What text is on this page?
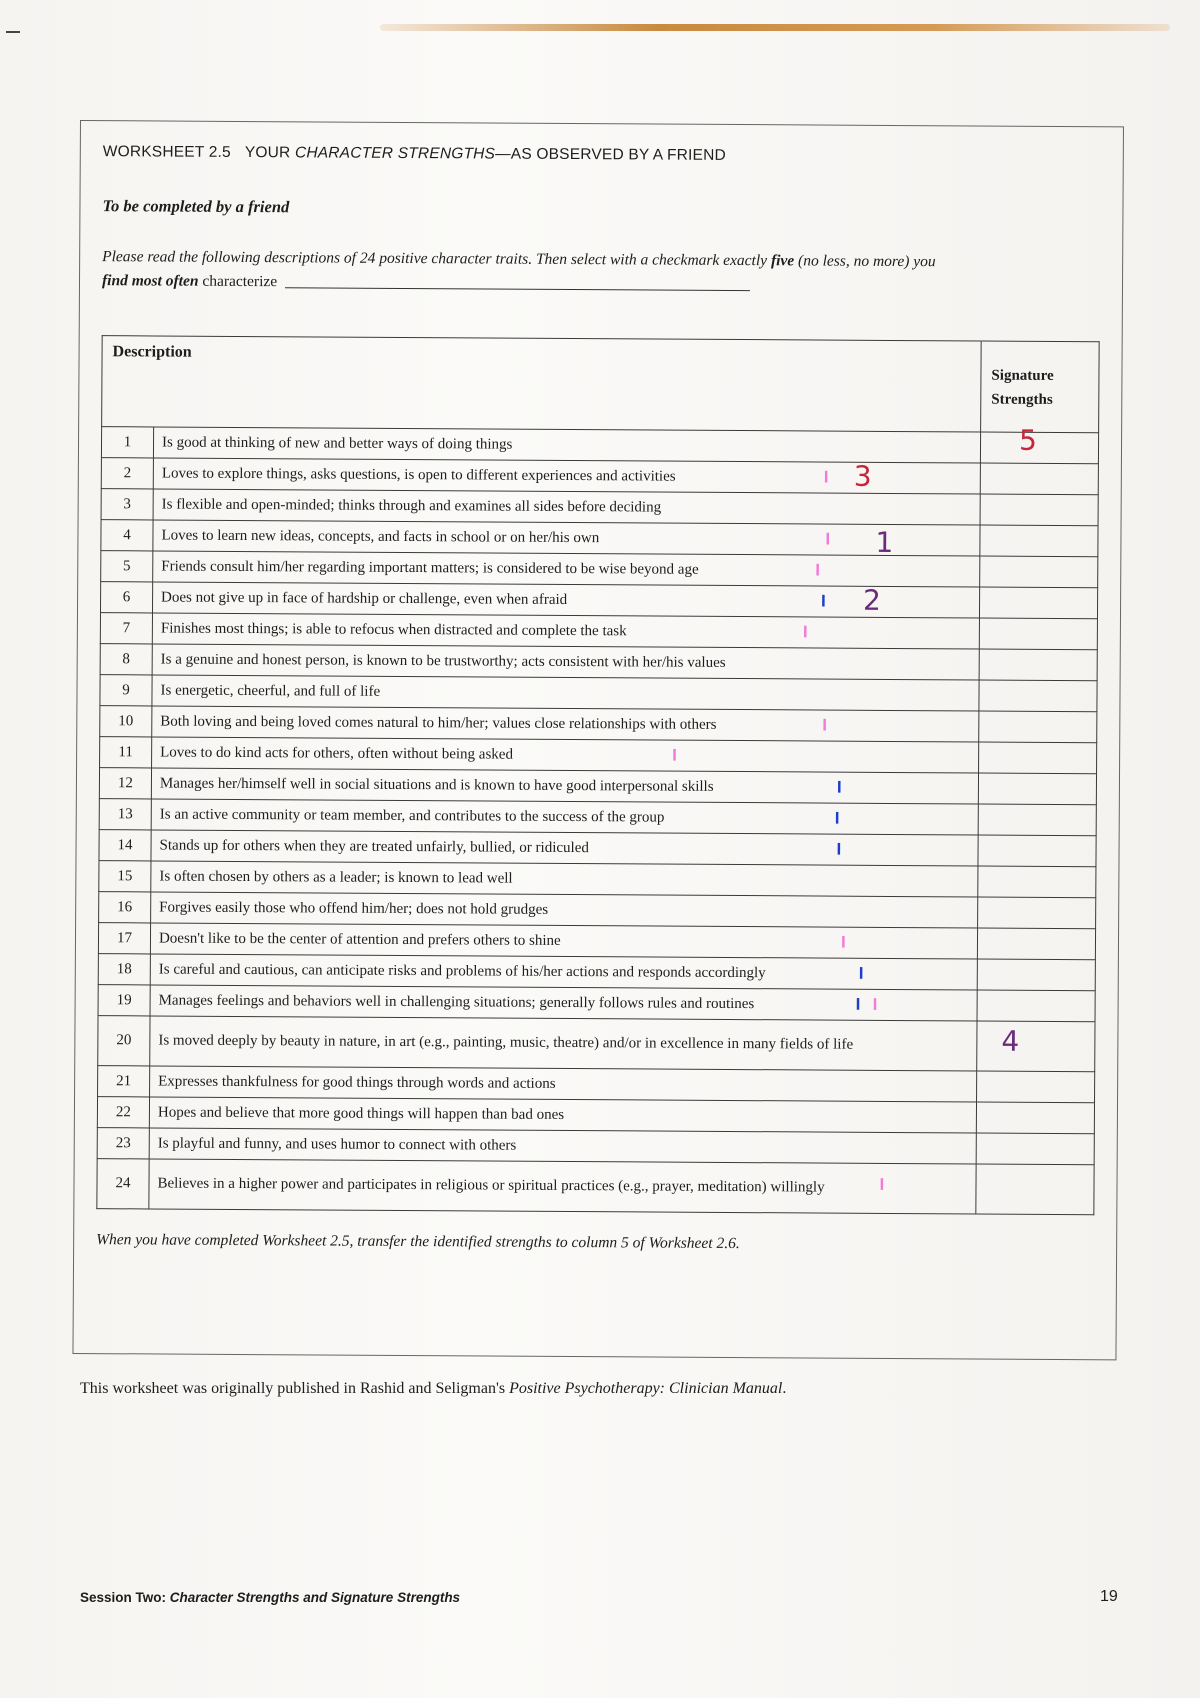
WORKSHEET 2.5 YOUR CHARACTER STRENGTHS—AS OBSERVED BY A FRIEND
To be completed by a friend
Please read the following descriptions of 24 positive character traits. Then select with a checkmark exactly five (no less, no more) you
find most often characterize
Description		Signature
Strengths
1	Is good at thinking of new and better ways of doing things	5

2	Loves to explore things, asks questions, is open to different experiences and activities I 3	

3	Is flexible and open-minded; thinks through and examines all sides before deciding	
4	Loves to learn new ideas, concepts, and facts in school or on her/his own I 1	

5	Friends consult him/her regarding important matters; is considered to be wise beyond age I	

6	Does not give up in face of hardship or challenge, even when afraid I 2	

7	Finishes most things; is able to refocus when distracted and complete the task I	

8	Is a genuine and honest person, is known to be trustworthy; acts consistent with her/his values	
9	Is energetic, cheerful, and full of life	
10	Both loving and being loved comes natural to him/her; values close relationships with others I	

11	Loves to do kind acts for others, often without being asked I	

12	Manages her/himself well in social situations and is known to have good interpersonal skills I	

13	Is an active community or team member, and contributes to the success of the group I	

14	Stands up for others when they are treated unfairly, bullied, or ridiculed I	

15	Is often chosen by others as a leader; is known to lead well	
16	Forgives easily those who offend him/her; does not hold grudges	
17	Doesn't like to be the center of attention and prefers others to shine I	

18	Is careful and cautious, can anticipate risks and problems of his/her actions and responds accordingly I	

19	Manages feelings and behaviors well in challenging situations; generally follows rules and routines I I	

20	Is moved deeply by beauty in nature, in art (e.g., painting, music, theatre) and/or in excellence in many fields of life	4

21	Expresses thankfulness for good things through words and actions	
22	Hopes and believe that more good things will happen than bad ones	
23	Is playful and funny, and uses humor to connect with others	
24	Believes in a higher power and participates in religious or spiritual practices (e.g., prayer, meditation) willingly I	

When you have completed Worksheet 2.5, transfer the identified strengths to column 5 of Worksheet 2.6.
This worksheet was originally published in Rashid and Seligman's Positive Psychotherapy: Clinician Manual.
Session Two: Character Strengths and Signature Strengths	19
